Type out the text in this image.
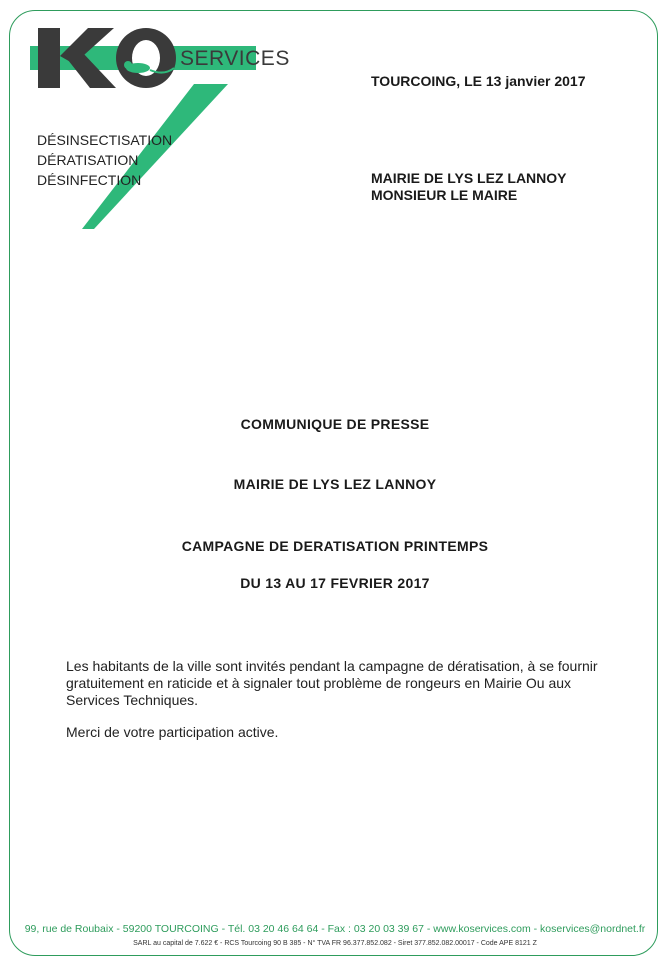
SERVICES
DÉSINSECTISATION
DÉRATISATION
DÉSINFECTION
TOURCOING, LE 13 janvier 2017
MAIRIE DE LYS LEZ LANNOY
MONSIEUR LE MAIRE
COMMUNIQUE DE PRESSE
MAIRIE DE LYS LEZ LANNOY
CAMPAGNE DE DERATISATION PRINTEMPS
DU 13 AU 17 FEVRIER 2017

Les habitants de la ville sont invités pendant la campagne de dératisation, à se fournir gratuitement en raticide et à signaler tout problème de rongeurs en Mairie Ou aux Services Techniques.

Merci de votre participation active.

99, rue de Roubaix - 59200 TOURCOING - Tél. 03 20 46 64 64 - Fax : 03 20 03 39 67 - www.koservices.com - koservices@nordnet.fr
SARL au capital de 7.622 € - RCS Tourcoing 90 B 385 - N° TVA FR 96.377.852.082 - Siret 377.852.082.00017 - Code APE 8121 Z
